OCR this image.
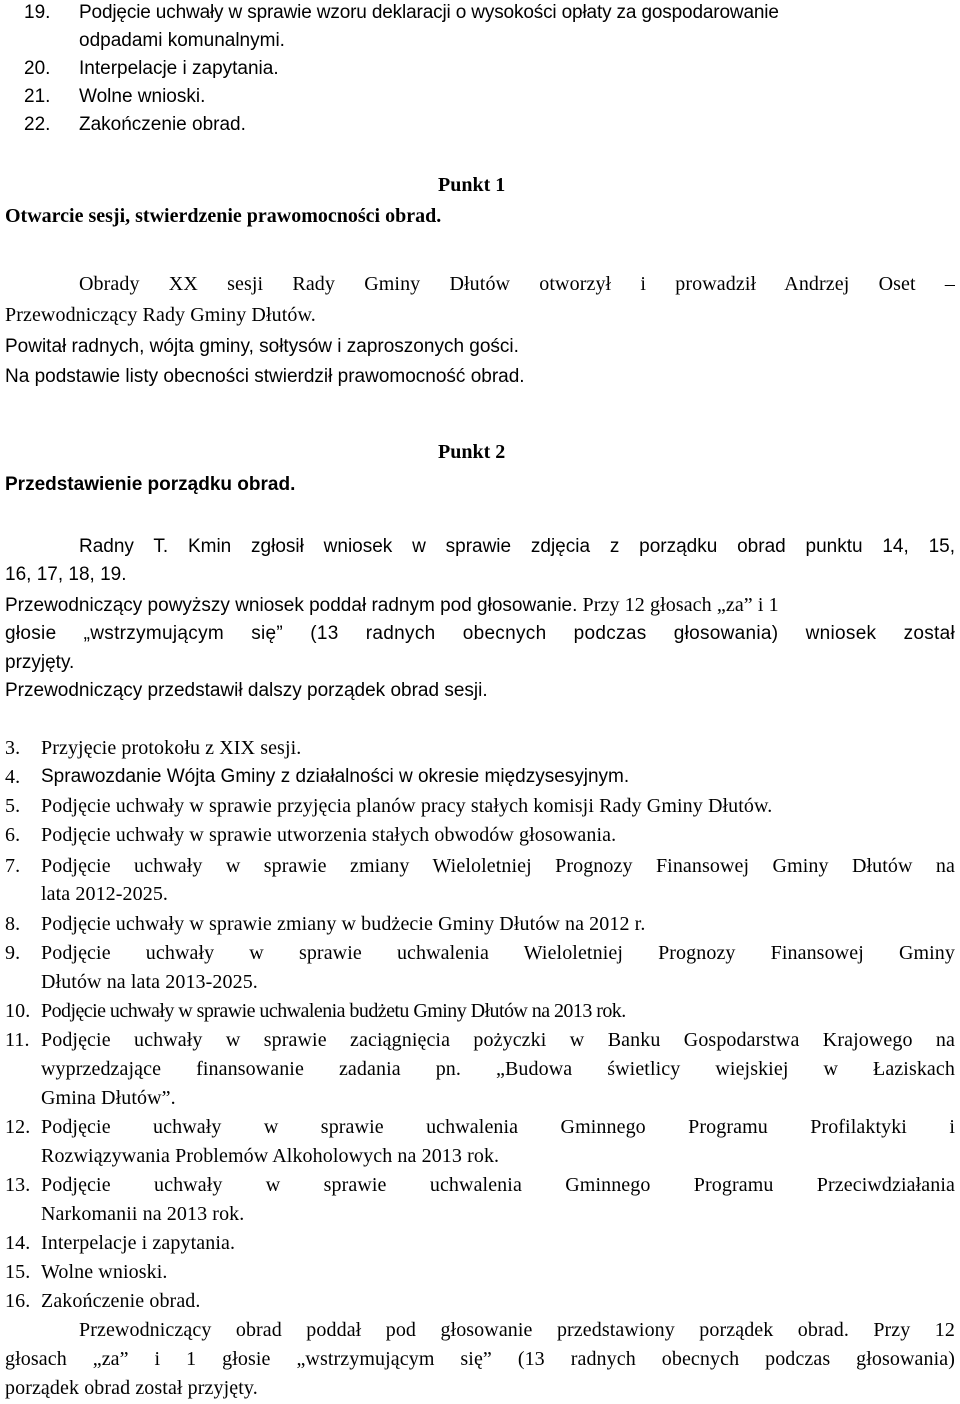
19. Podjęcie uchwały w sprawie wzoru deklaracji o wysokości opłaty za gospodarowanie
odpadami komunalnymi.
20. Interpelacje i zapytania.
21. Wolne wnioski.
22. Zakończenie obrad.
Punkt 1
Otwarcie sesji, stwierdzenie prawomocności obrad.
Obrady XX sesji Rady Gminy Dłutów otworzył i prowadził Andrzej Oset –
Przewodniczący Rady Gminy Dłutów.
Powitał radnych, wójta gminy, sołtysów i zaproszonych gości.
Na podstawie listy obecności stwierdził prawomocność obrad.
Punkt 2
Przedstawienie porządku obrad.
Radny T. Kmin zgłosił wniosek w sprawie zdjęcia z porządku obrad punktu 14, 15,
16, 17, 18, 19.
Przewodniczący powyższy wniosek poddał radnym pod głosowanie. Przy 12 głosach „za” i 1
głosie „wstrzymującym się” (13 radnych obecnych podczas głosowania) wniosek został
przyjęty.
Przewodniczący przedstawił dalszy porządek obrad sesji.
3. Przyjęcie protokołu z XIX sesji.
4. Sprawozdanie Wójta Gminy z działalności w okresie międzysesyjnym.
5. Podjęcie uchwały w sprawie przyjęcia planów pracy stałych komisji Rady Gminy Dłutów.
6. Podjęcie uchwały w sprawie utworzenia stałych obwodów głosowania.
7. Podjęcie uchwały w sprawie zmiany Wieloletniej Prognozy Finansowej Gminy Dłutów na
lata 2012-2025.
8. Podjęcie uchwały w sprawie zmiany w budżecie Gminy Dłutów na 2012 r.
9. Podjęcie uchwały w sprawie uchwalenia Wieloletniej Prognozy Finansowej Gminy
Dłutów na lata 2013-2025.
10. Podjęcie uchwały w sprawie uchwalenia budżetu Gminy Dłutów na 2013 rok.
11. Podjęcie uchwały w sprawie zaciągnięcia pożyczki w Banku Gospodarstwa Krajowego na
wyprzedzające finansowanie zadania pn. „Budowa świetlicy wiejskiej w Łaziskach
Gmina Dłutów”.
12. Podjęcie uchwały w sprawie uchwalenia Gminnego Programu Profilaktyki i
Rozwiązywania Problemów Alkoholowych na 2013 rok.
13. Podjęcie uchwały w sprawie uchwalenia Gminnego Programu Przeciwdziałania
Narkomanii na 2013 rok.
14. Interpelacje i zapytania.
15. Wolne wnioski.
16. Zakończenie obrad.
Przewodniczący obrad poddał pod głosowanie przedstawiony porządek obrad. Przy 12
głosach „za” i 1 głosie „wstrzymującym się” (13 radnych obecnych podczas głosowania)
porządek obrad został przyjęty.
